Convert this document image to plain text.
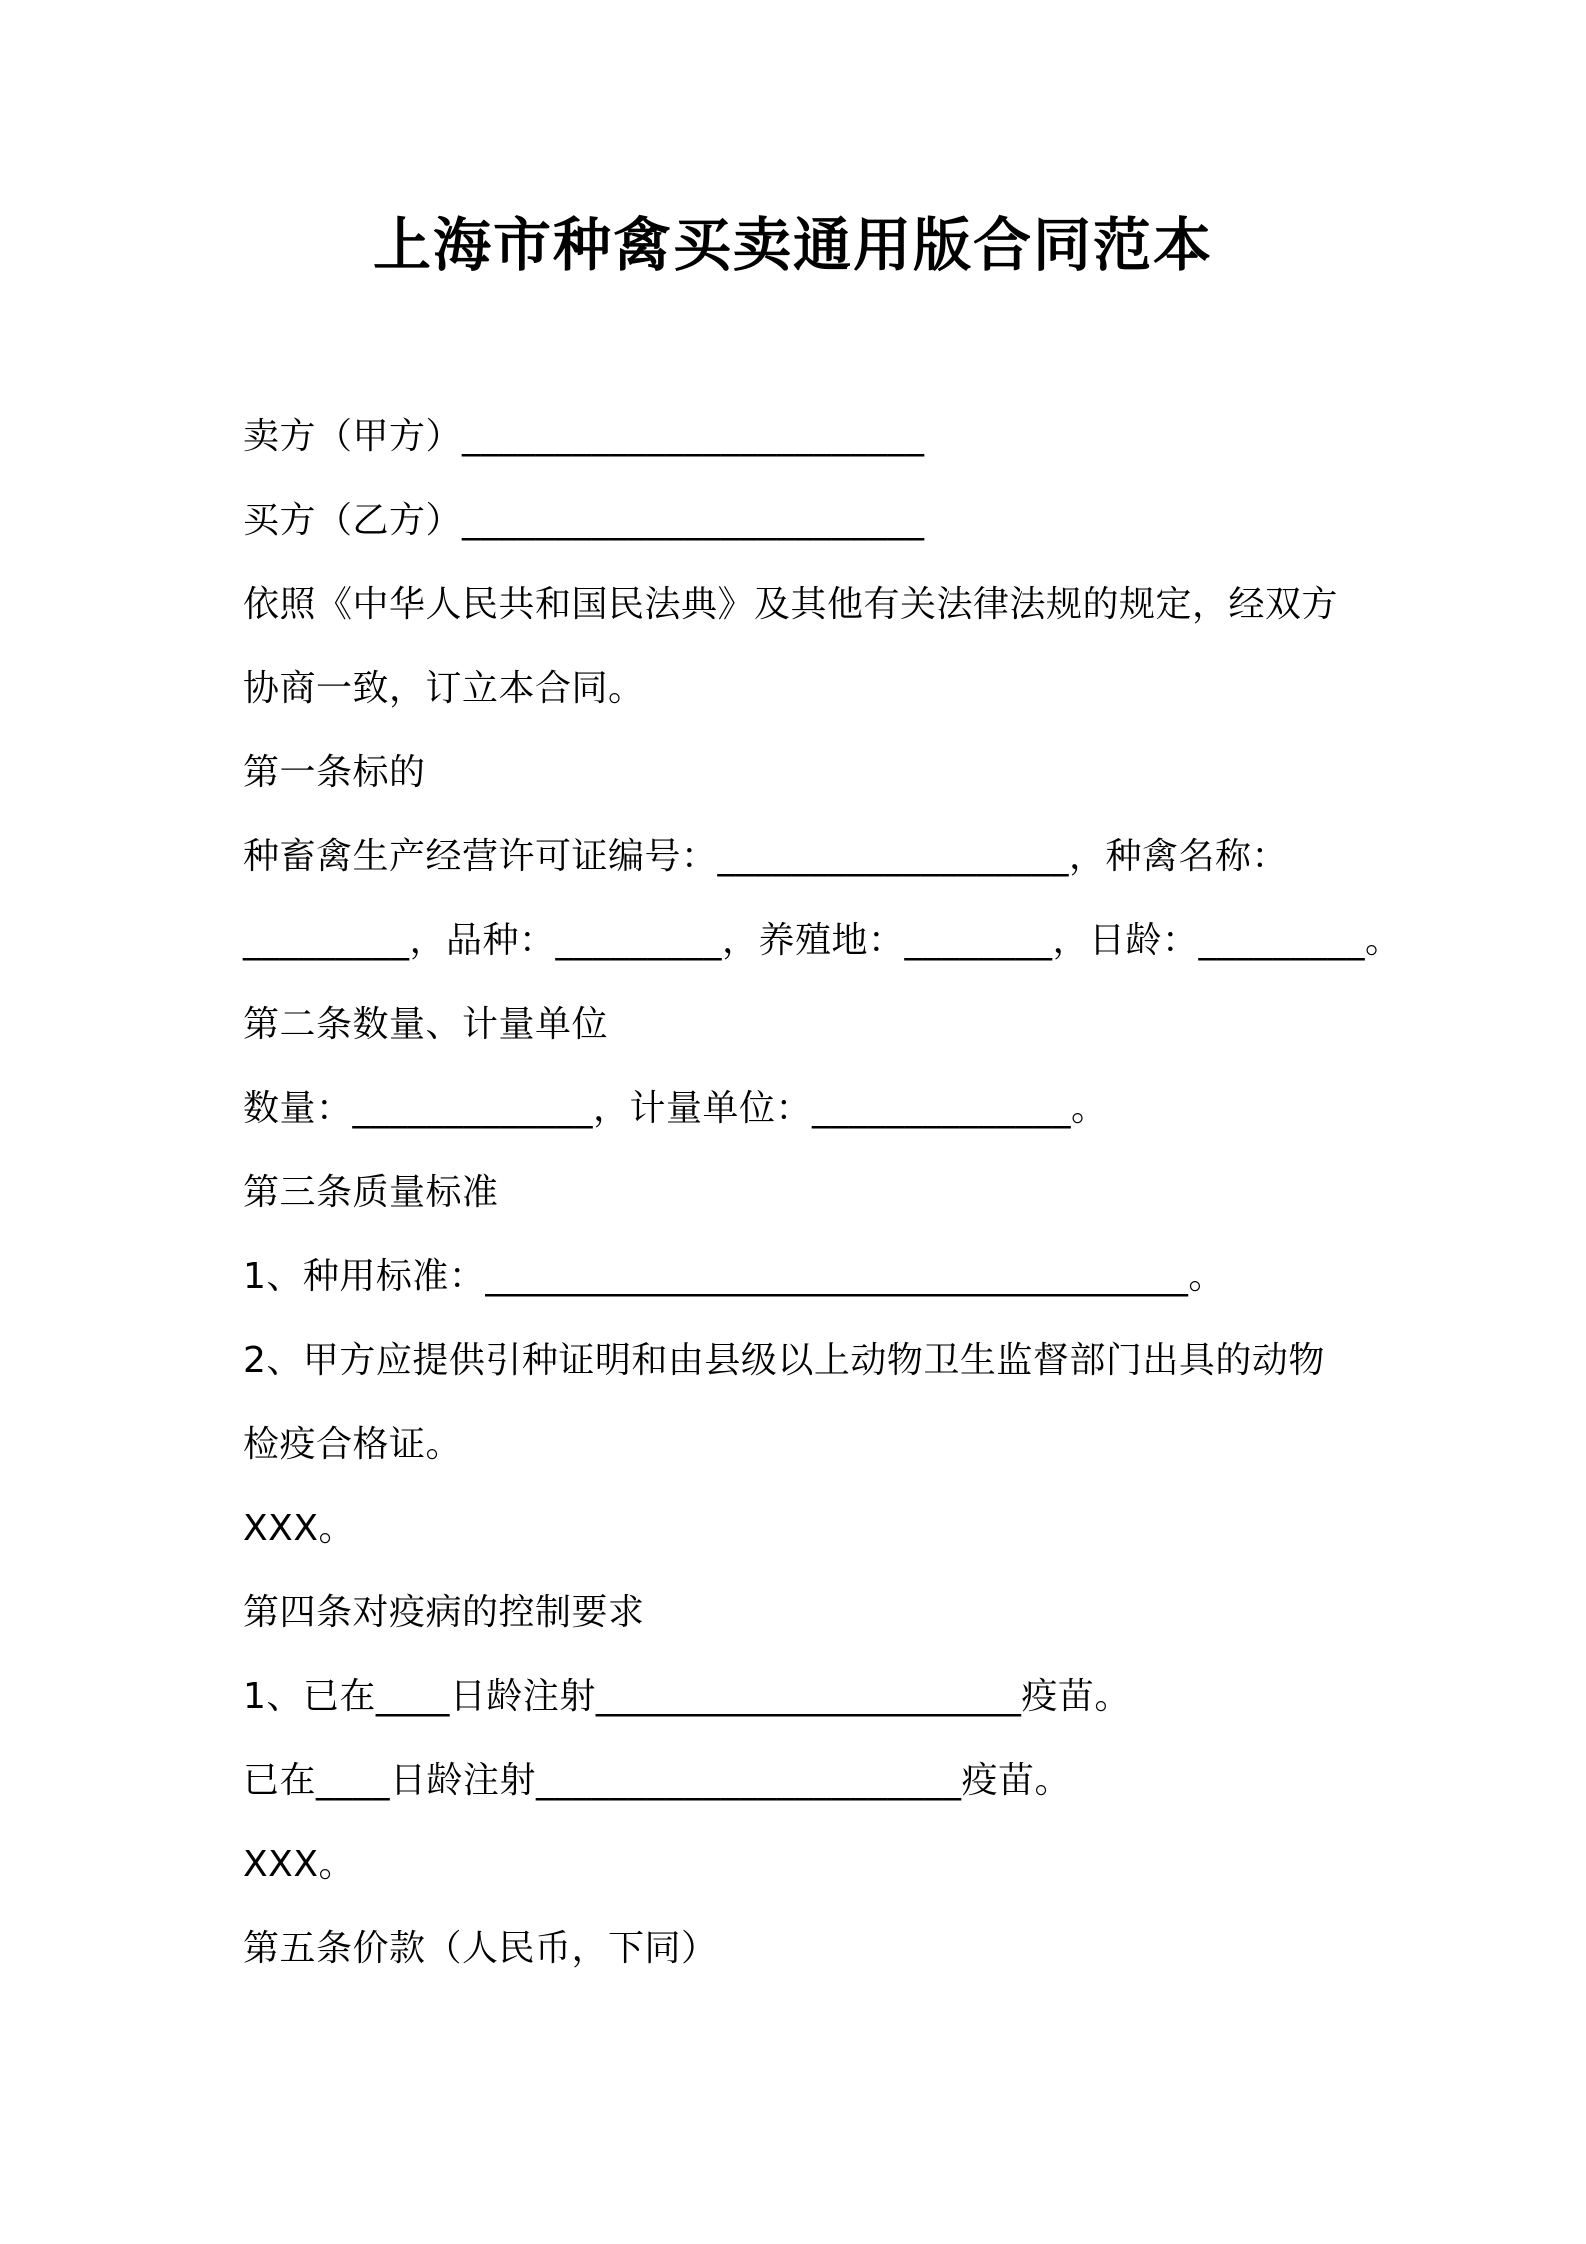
上海市种禽买卖通用版合同范本

卖方（甲方）_________________________

买方（乙方）_________________________

依照《中华人民共和国民法典》及其他有关法律法规的规定，经双方

协商一致，订立本合同。

第一条标的

种畜禽生产经营许可证编号：___________________，种禽名称：

_________，品种：_________，养殖地：________，日龄：_________。

第二条数量、计量单位

数量：_____________，计量单位：______________。

第三条质量标准

1、种用标准：______________________________________。

2、甲方应提供引种证明和由县级以上动物卫生监督部门出具的动物

检疫合格证。

XXX。

第四条对疫病的控制要求

1、已在____日龄注射_______________________疫苗。

已在____日龄注射_______________________疫苗。

XXX。

第五条价款（人民币，下同）
